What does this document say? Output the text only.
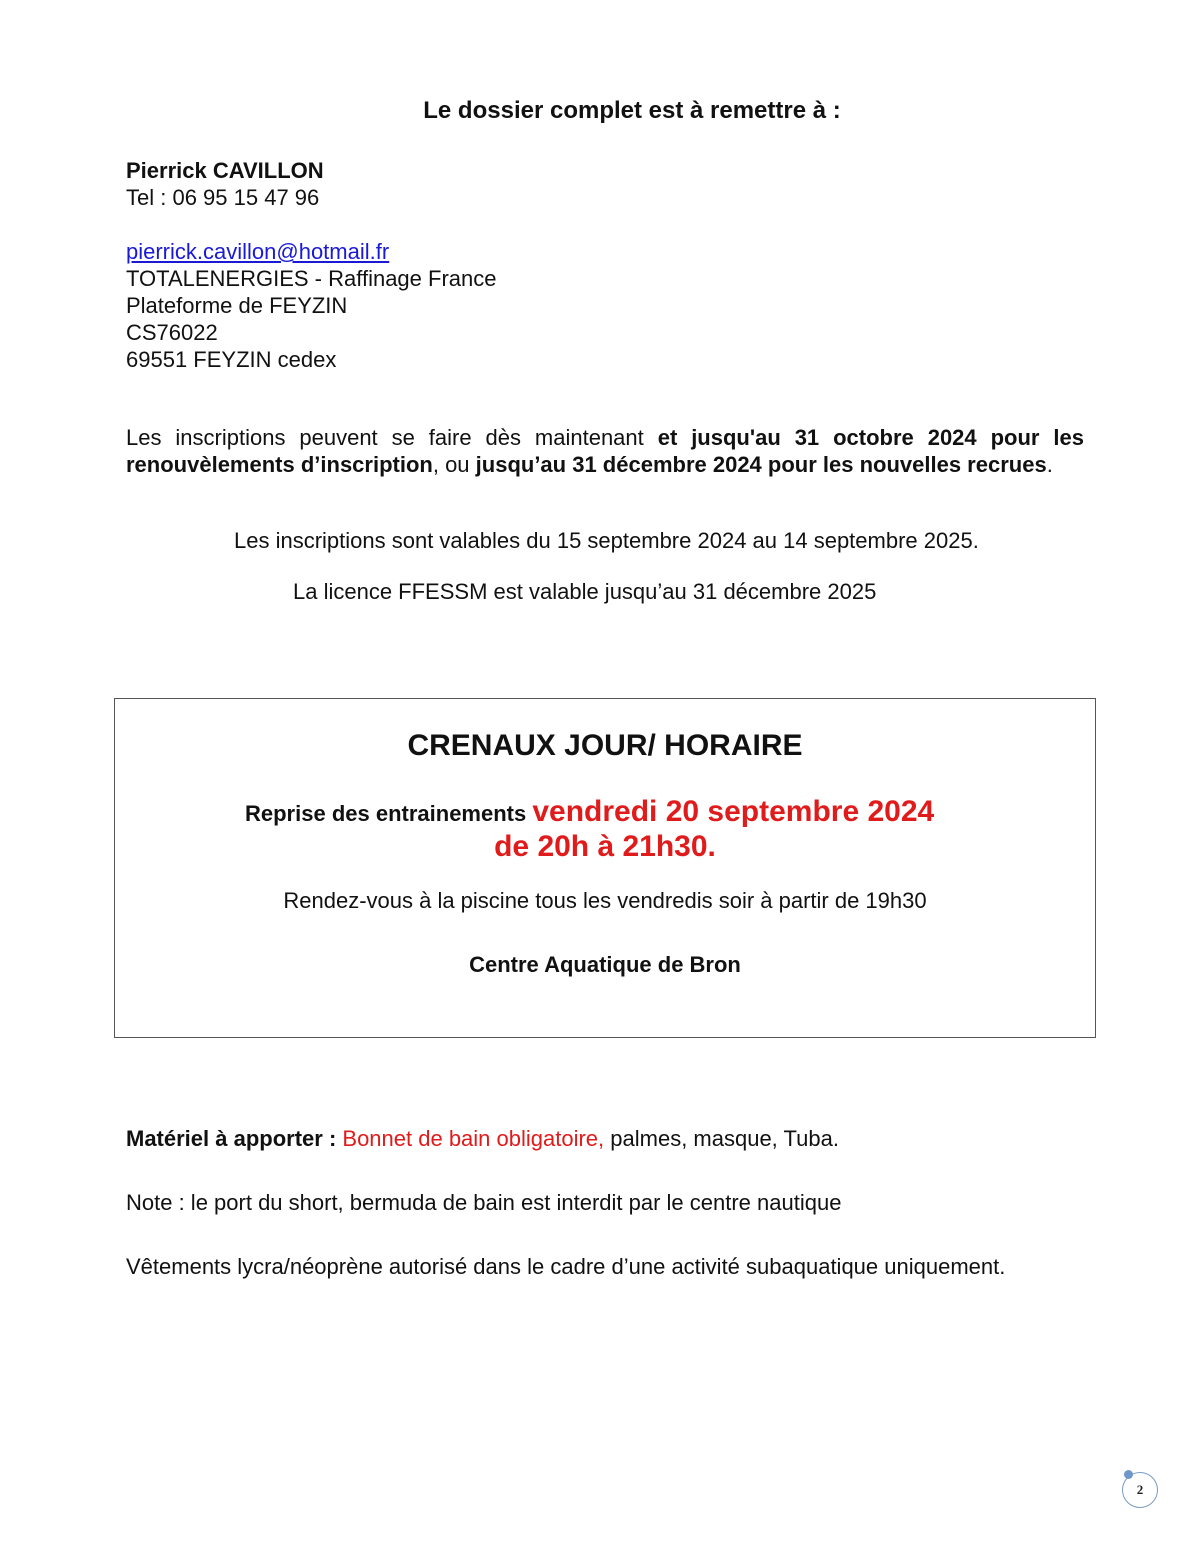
Le dossier complet est à remettre à :
Pierrick CAVILLON
Tel : 06 95 15 47 96
pierrick.cavillon@hotmail.fr
TOTALENERGIES - Raffinage France
Plateforme de FEYZIN
CS76022
69551 FEYZIN cedex
Les inscriptions peuvent se faire dès maintenant et jusqu'au 31 octobre 2024 pour les renouvèlements d’inscription, ou jusqu’au 31 décembre 2024 pour les nouvelles recrues.
Les inscriptions sont valables du 15 septembre 2024 au 14 septembre 2025.
La licence FFESSM est valable jusqu’au 31 décembre 2025
CRENAUX JOUR/ HORAIRE
Reprise des entrainements vendredi 20 septembre 2024
de 20h à 21h30.
Rendez-vous à la piscine tous les vendredis soir à partir de 19h30
Centre Aquatique de Bron
Matériel à apporter : Bonnet de bain obligatoire, palmes, masque, Tuba.
Note : le port du short, bermuda de bain est interdit par le centre nautique
Vêtements lycra/néoprène autorisé dans le cadre d’une activité subaquatique uniquement.
2
